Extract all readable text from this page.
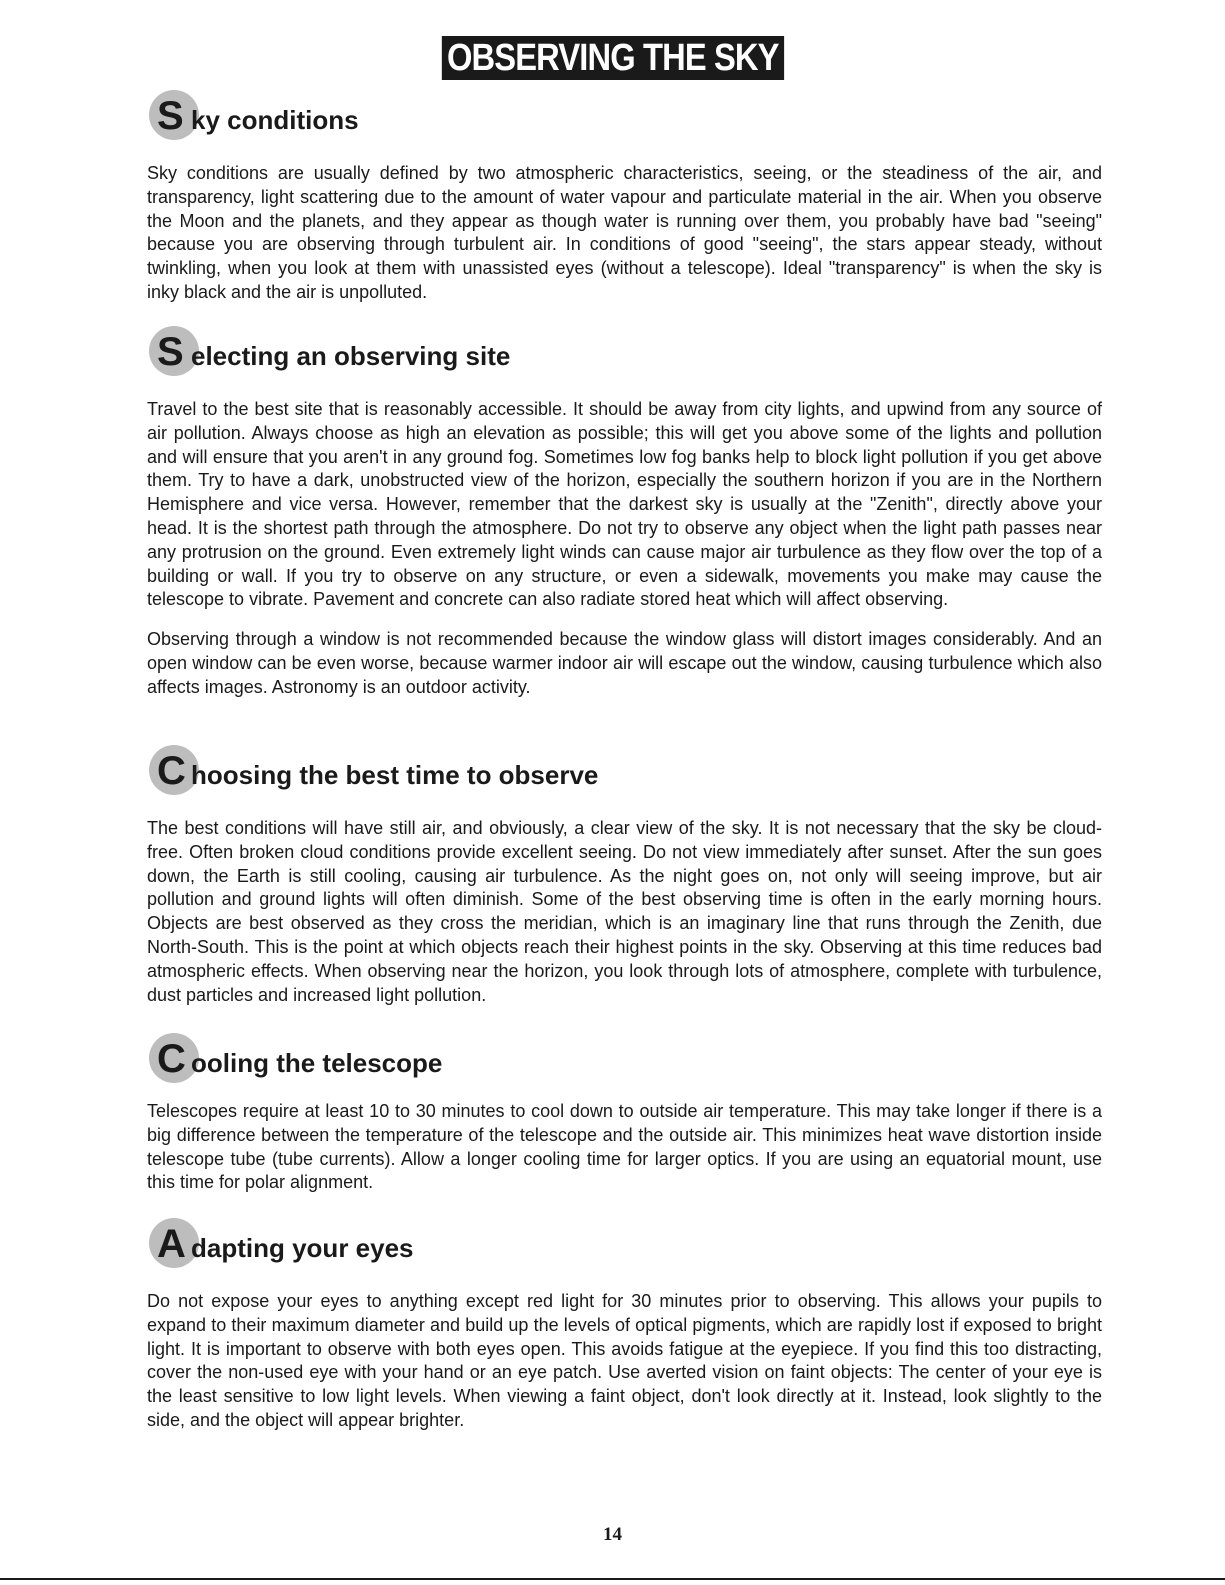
OBSERVING THE SKY
S ky conditions

Sky conditions are usually defined by two atmospheric characteristics, seeing, or the steadiness of the air, and transparency, light scattering due to the amount of water vapour and particulate material in the air. When you observe the Moon and the planets, and they appear as though water is running over them, you probably have bad "seeing" because you are observing through turbulent air. In conditions of good "seeing", the stars appear steady, without twinkling, when you look at them with unassisted eyes (without a telescope). Ideal "transparency" is when the sky is inky black and the air is unpolluted.

S electing an observing site

Travel to the best site that is reasonably accessible. It should be away from city lights, and upwind from any source of air pollution. Always choose as high an elevation as possible; this will get you above some of the lights and pollution and will ensure that you aren't in any ground fog. Sometimes low fog banks help to block light pollution if you get above them. Try to have a dark, unobstructed view of the horizon, especially the southern horizon if you are in the Northern Hemisphere and vice versa. However, remember that the darkest sky is usually at the "Zenith", directly above your head. It is the shortest path through the atmosphere. Do not try to observe any object when the light path passes near any protrusion on the ground. Even extremely light winds can cause major air turbulence as they flow over the top of a building or wall. If you try to observe on any structure, or even a sidewalk, movements you make may cause the telescope to vibrate. Pavement and concrete can also radiate stored heat which will affect observing.

Observing through a window is not recommended because the window glass will distort images considerably. And an open window can be even worse, because warmer indoor air will escape out the window, causing turbulence which also affects images. Astronomy is an outdoor activity.

C hoosing the best time to observe

The best conditions will have still air, and obviously, a clear view of the sky. It is not necessary that the sky be cloud-free. Often broken cloud conditions provide excellent seeing. Do not view immediately after sunset. After the sun goes down, the Earth is still cooling, causing air turbulence. As the night goes on, not only will seeing improve, but air pollution and ground lights will often diminish. Some of the best observing time is often in the early morning hours. Objects are best observed as they cross the meridian, which is an imaginary line that runs through the Zenith, due North-South. This is the point at which objects reach their highest points in the sky. Observing at this time reduces bad atmospheric effects. When observing near the horizon, you look through lots of atmosphere, complete with turbulence, dust particles and increased light pollution.

C ooling the telescope

Telescopes require at least 10 to 30 minutes to cool down to outside air temperature. This may take longer if there is a big difference between the temperature of the telescope and the outside air. This minimizes heat wave distortion inside telescope tube (tube currents). Allow a longer cooling time for larger optics. If you are using an equatorial mount, use this time for polar alignment.

A dapting your eyes

Do not expose your eyes to anything except red light for 30 minutes prior to observing. This allows your pupils to expand to their maximum diameter and build up the levels of optical pigments, which are rapidly lost if exposed to bright light. It is important to observe with both eyes open. This avoids fatigue at the eyepiece. If you find this too distracting, cover the non-used eye with your hand or an eye patch. Use averted vision on faint objects: The center of your eye is the least sensitive to low light levels. When viewing a faint object, don't look directly at it. Instead, look slightly to the side, and the object will appear brighter.

14
